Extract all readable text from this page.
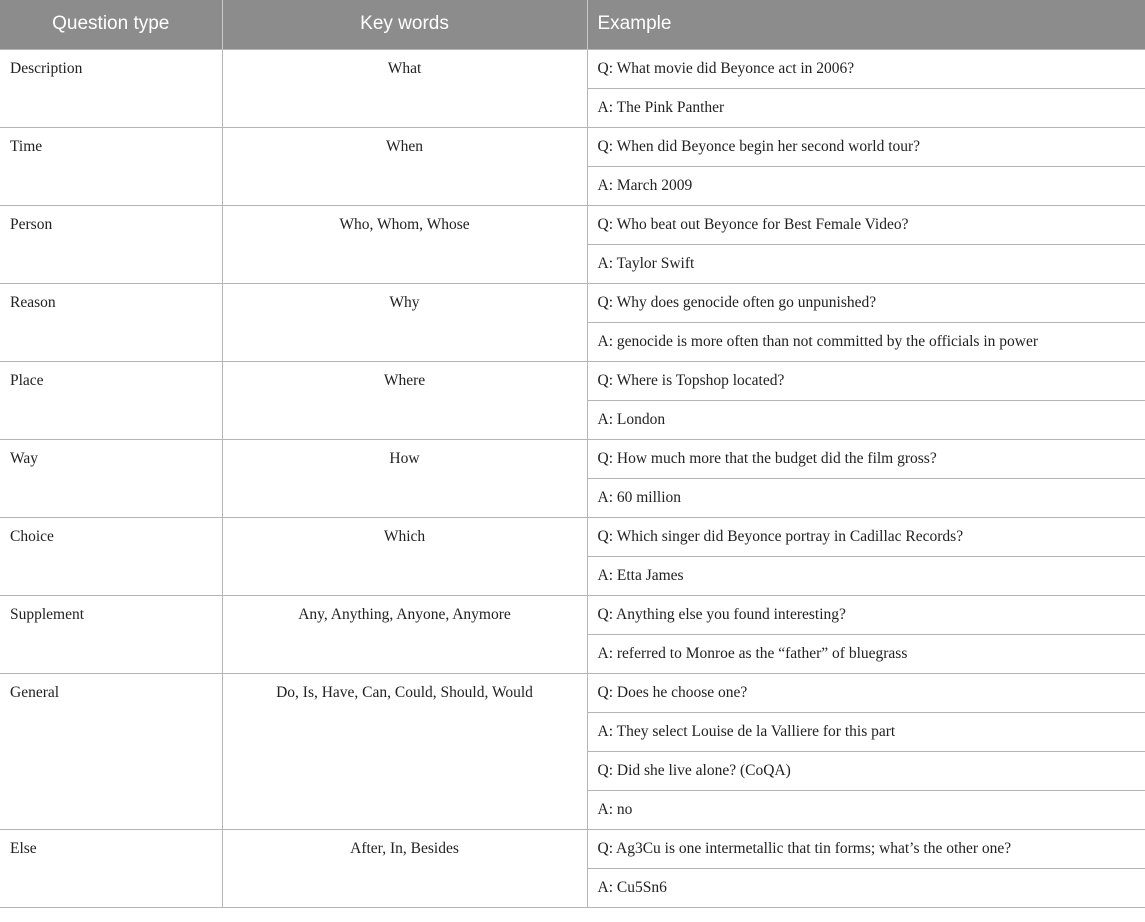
Question type	Key words	Example
Description	What	Q: What movie did Beyonce act in 2006?
		A: The Pink Panther
Time	When	Q: When did Beyonce begin her second world tour?
		A: March 2009
Person	Who, Whom, Whose	Q: Who beat out Beyonce for Best Female Video?
		A: Taylor Swift
Reason	Why	Q: Why does genocide often go unpunished?
		A: genocide is more often than not committed by the officials in power
Place	Where	Q: Where is Topshop located?
		A: London
Way	How	Q: How much more that the budget did the film gross?
		A: 60 million
Choice	Which	Q: Which singer did Beyonce portray in Cadillac Records?
		A: Etta James
Supplement	Any, Anything, Anyone, Anymore	Q: Anything else you found interesting?
		A: referred to Monroe as the “father” of bluegrass
General	Do, Is, Have, Can, Could, Should, Would	Q: Does he choose one?
		A: They select Louise de la Valliere for this part
		Q: Did she live alone? (CoQA)
		A: no
Else	After, In, Besides	Q: Ag3Cu is one intermetallic that tin forms; what’s the other one?
		A: Cu5Sn6
